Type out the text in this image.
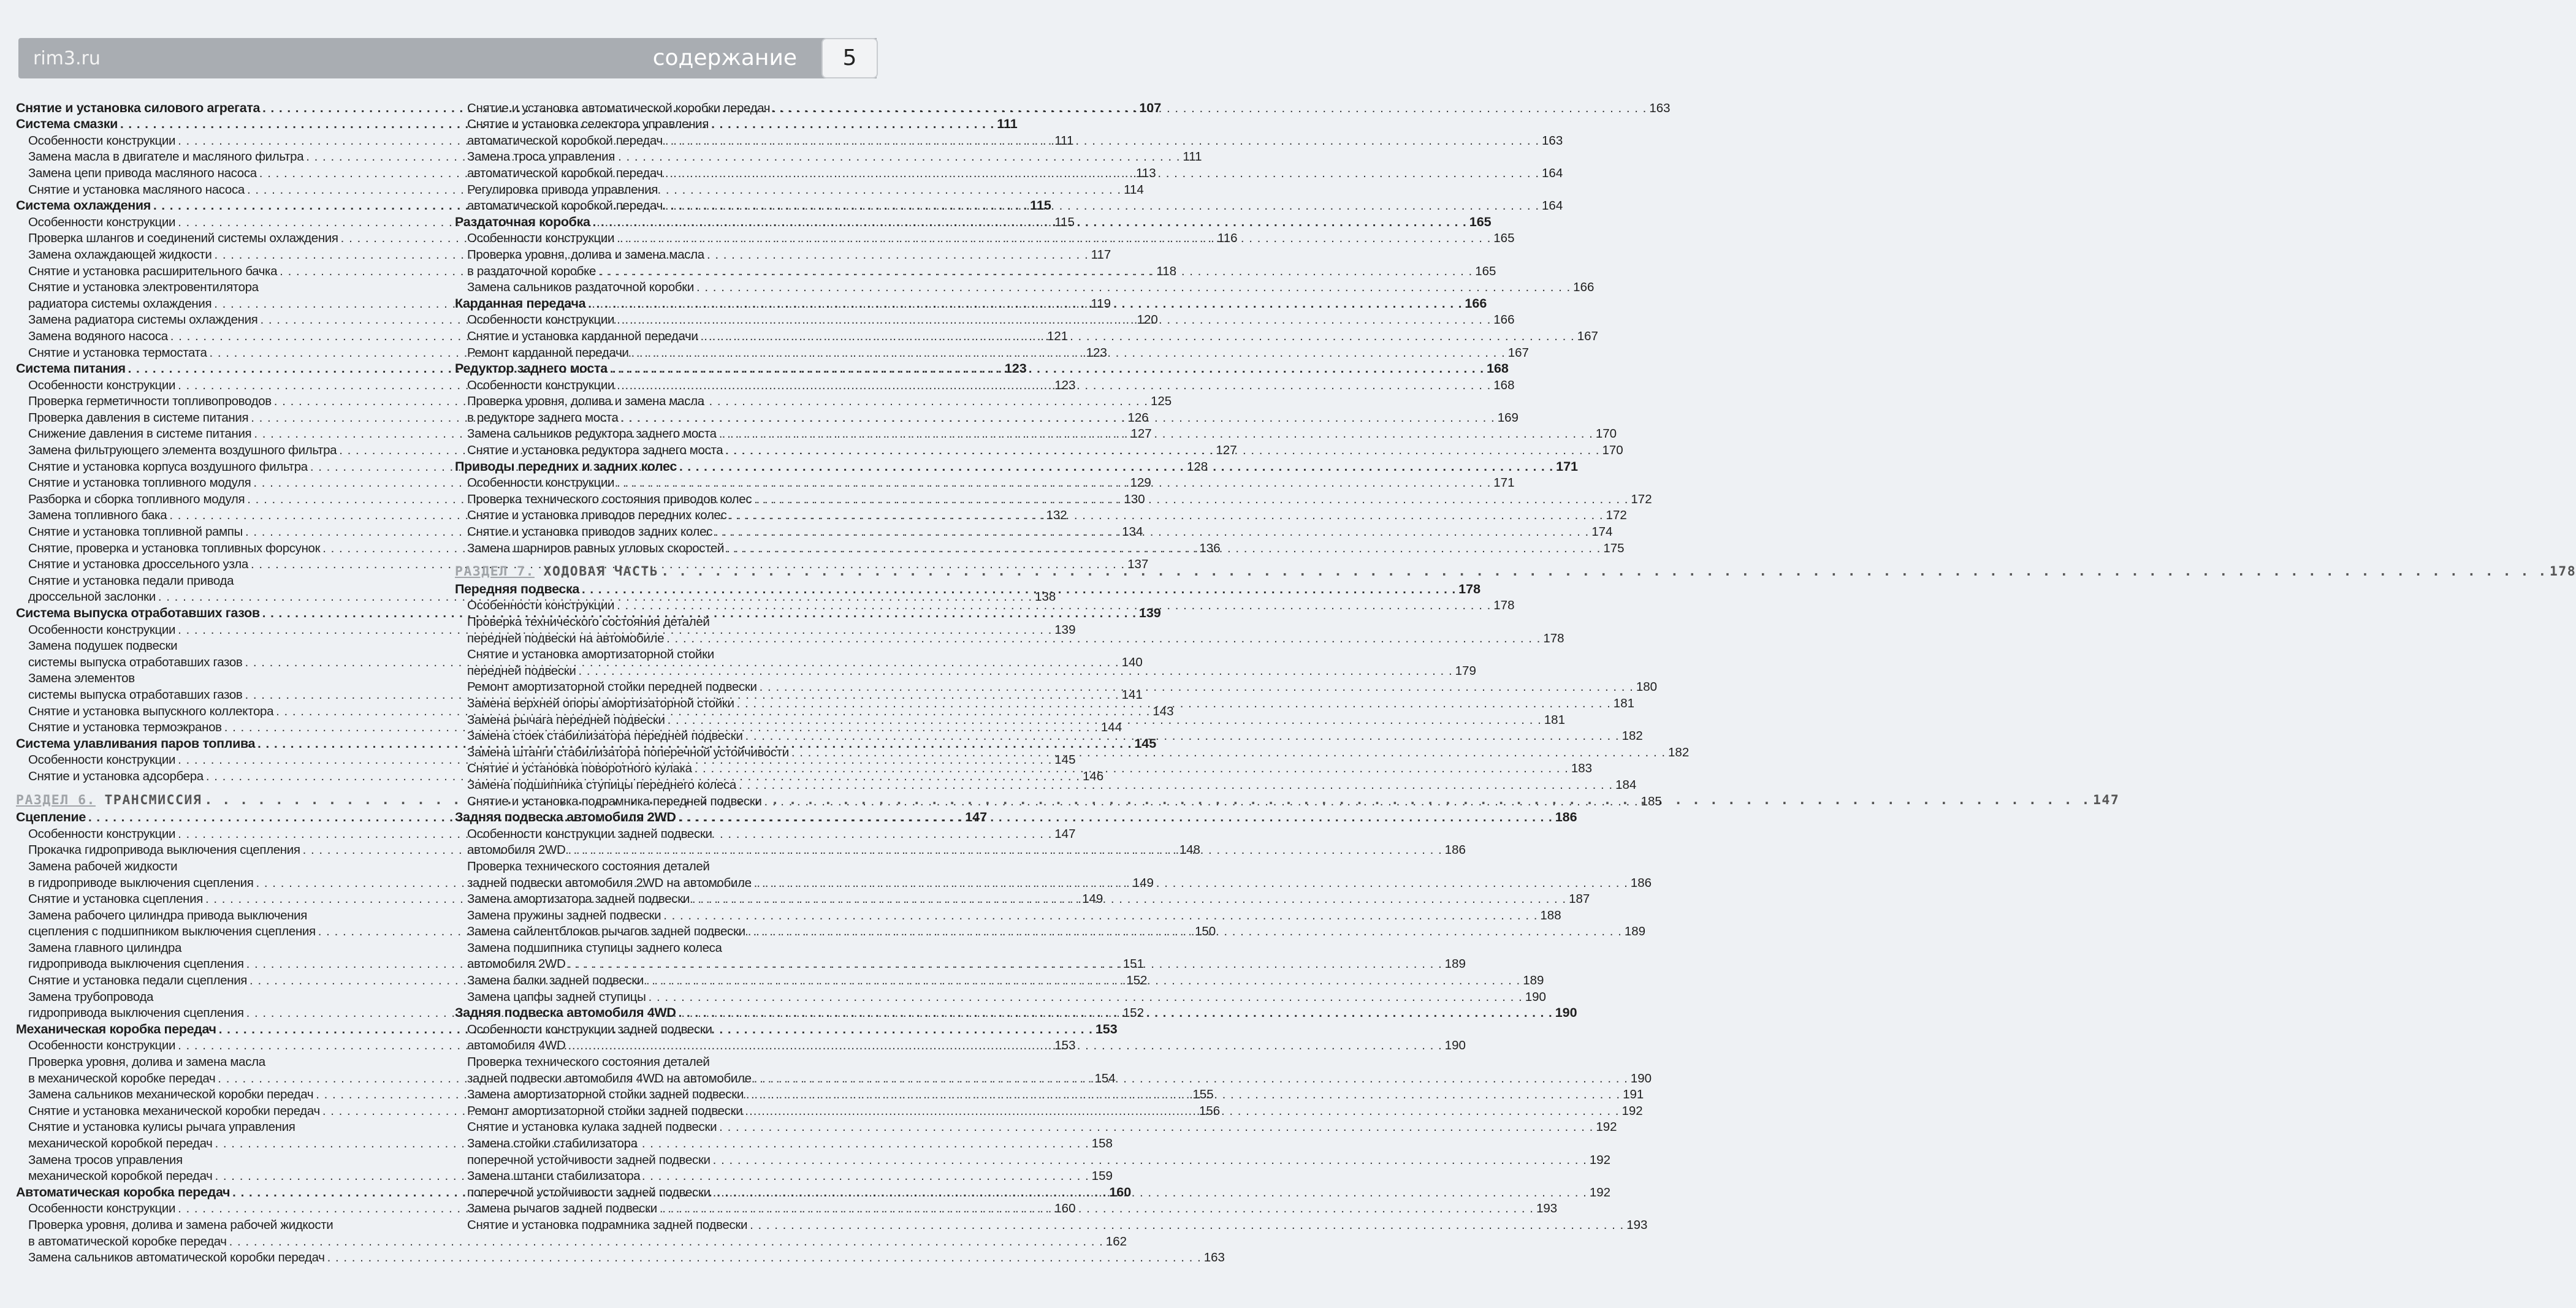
rim3.ru	содержание	5
Снятие и установка силового агрегата . . .	107
Система смазки . . .	111
Особенности конструкции . . .	111
Замена масла в двигателе и масляного фильтра . . .	111
Замена цепи привода масляного насоса . . .	113
Снятие и установка масляного насоса . . .	114
Система охлаждения . . .	115
Особенности конструкции . . .	115
Проверка шлангов и соединений системы охлаждения . . .	116
Замена охлаждающей жидкости . . .	117
Снятие и установка расширительного бачка . . .	118
Снятие и установка электровентилятора
радиатора системы охлаждения . . .	119
Замена радиатора системы охлаждения . . .	120
Замена водяного насоса . . .	121
Снятие и установка термостата . . .	123
Система питания . . .	123
Особенности конструкции . . .	123
Проверка герметичности топливопроводов . . .	125
Проверка давления в системе питания . . .	126
Снижение давления в системе питания . . .	127
Замена фильтрующего элемента воздушного фильтра . . .	127
Снятие и установка корпуса воздушного фильтра . . .	128
Снятие и установка топливного модуля . . .	129
Разборка и сборка топливного модуля . . .	130
Замена топливного бака . . .	132
Снятие и установка топливной рампы . . .	134
Снятие, проверка и установка топливных форсунок . . .	136
Снятие и установка дроссельного узла . . .	137
Снятие и установка педали привода
дроссельной заслонки . . .	138
Система выпуска отработавших газов . . .	139
Особенности конструкции . . .	139
Замена подушек подвески
системы выпуска отработавших газов . . .	140
Замена элементов
системы выпуска отработавших газов . . .	141
Снятие и установка выпускного коллектора . . .	143
Снятие и установка термоэкранов . . .	144
Система улавливания паров топлива . . .	145
Особенности конструкции . . .	145
Снятие и установка адсорбера . . .	146
РАЗДЕЛ 6. ТРАНСМИССИЯ . . .	147
Сцепление . . .	147
Особенности конструкции . . .	147
Прокачка гидропривода выключения сцепления . . .	148
Замена рабочей жидкости
в гидроприводе выключения сцепления . . .	149
Снятие и установка сцепления . . .	149
Замена рабочего цилиндра привода выключения
сцепления с подшипником выключения сцепления . . .	150
Замена главного цилиндра
гидропривода выключения сцепления . . .	151
Снятие и установка педали сцепления . . .	152
Замена трубопровода
гидропривода выключения сцепления . . .	152
Механическая коробка передач . . .	153
Особенности конструкции . . .	153
Проверка уровня, долива и замена масла
в механической коробке передач . . .	154
Замена сальников механической коробки передач . . .	155
Снятие и установка механической коробки передач . . .	156
Снятие и установка кулисы рычага управления
механической коробкой передач . . .	158
Замена тросов управления
механической коробкой передач . . .	159
Автоматическая коробка передач . . .	160
Особенности конструкции . . .	160
Проверка уровня, долива и замена рабочей жидкости
в автоматической коробке передач . . .	162
Замена сальников автоматической коробки передач . . .	163
Снятие и установка автоматической коробки передач . . .	163
Снятие и установка селектора управления
автоматической коробкой передач . . .	163
Замена троса управления
автоматической коробкой передач . . .	164
Регулировка привода управления
автоматической коробкой передач . . .	164
Раздаточная коробка . . .	165
Особенности конструкции . . .	165
Проверка уровня, долива и замена масла
в раздаточной коробке . . .	165
Замена сальников раздаточной коробки . . .	166
Карданная передача . . .	166
Особенности конструкции . . .	166
Снятие и установка карданной передачи . . .	167
Ремонт карданной передачи . . .	167
Редуктор заднего моста . . .	168
Особенности конструкции . . .	168
Проверка уровня, долива и замена масла
в редукторе заднего моста . . .	169
Замена сальников редуктора заднего моста . . .	170
Снятие и установка редуктора заднего моста . . .	170
Приводы передних и задних колес . . .	171
Особенности конструкции . . .	171
Проверка технического состояния приводов колес . . .	172
Снятие и установка приводов передних колес . . .	172
Снятие и установка приводов задних колес . . .	174
Замена шарниров равных угловых скоростей . . .	175
РАЗДЕЛ 7. ХОДОВАЯ ЧАСТЬ . . .	178
Передняя подвеска . . .	178
Особенности конструкции . . .	178
Проверка технического состояния деталей
передней подвески на автомобиле . . .	178
Снятие и установка амортизаторной стойки
передней подвески . . .	179
Ремонт амортизаторной стойки передней подвески . . .	180
Замена верхней опоры амортизаторной стойки . . .	181
Замена рычага передней подвески . . .	181
Замена стоек стабилизатора передней подвески . . .	182
Замена штанги стабилизатора поперечной устойчивости . . .	182
Снятие и установка поворотного кулака . . .	183
Замена подшипника ступицы переднего колеса . . .	184
Снятие и установка подрамника передней подвески . . .	185
Задняя подвеска автомобиля 2WD . . .	186
Особенности конструкции задней подвески
автомобиля 2WD . . .	186
Проверка технического состояния деталей
задней подвески автомобиля 2WD на автомобиле . . .	186
Замена амортизатора задней подвески . . .	187
Замена пружины задней подвески . . .	188
Замена сайлентблоков рычагов задней подвески . . .	189
Замена подшипника ступицы заднего колеса
автомобиля 2WD . . .	189
Замена балки задней подвески . . .	189
Замена цапфы задней ступицы . . .	190
Задняя подвеска автомобиля 4WD . . .	190
Особенности конструкции задней подвески
автомобиля 4WD . . .	190
Проверка технического состояния деталей
задней подвески автомобиля 4WD на автомобиле . . .	190
Замена амортизаторной стойки задней подвески . . .	191
Ремонт амортизаторной стойки задней подвески . . .	192
Снятие и установка кулака задней подвески . . .	192
Замена стойки стабилизатора
поперечной устойчивости задней подвески . . .	192
Замена штанги стабилизатора
поперечной устойчивости задней подвески . . .	192
Замена рычагов задней подвески . . .	193
Снятие и установка подрамника задней подвески . . .	193
